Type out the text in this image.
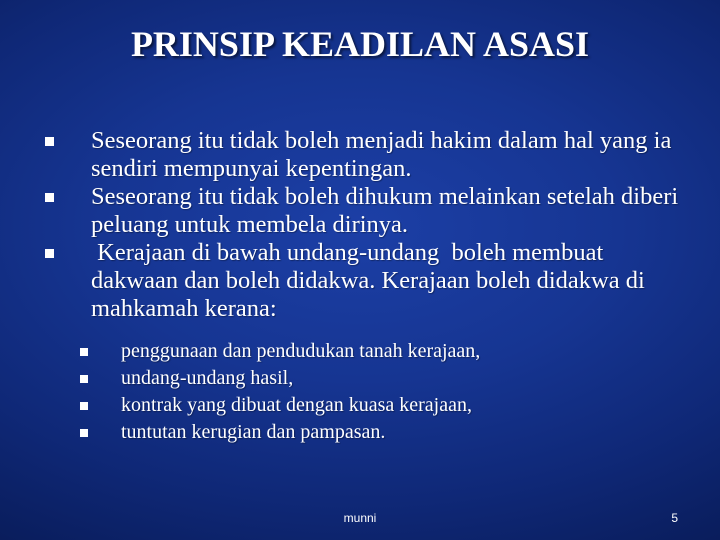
PRINSIP KEADILAN ASASI
Seseorang itu tidak boleh menjadi hakim dalam hal yang ia sendiri mempunyai kepentingan.
Seseorang itu tidak boleh dihukum melainkan setelah diberi peluang untuk membela dirinya.
Kerajaan di bawah undang-undang  boleh membuat dakwaan dan boleh didakwa. Kerajaan boleh didakwa di mahkamah kerana:
penggunaan dan pendudukan tanah kerajaan,
undang-undang hasil,
kontrak yang dibuat dengan kuasa kerajaan,
tuntutan kerugian dan pampasan.
munni	5
